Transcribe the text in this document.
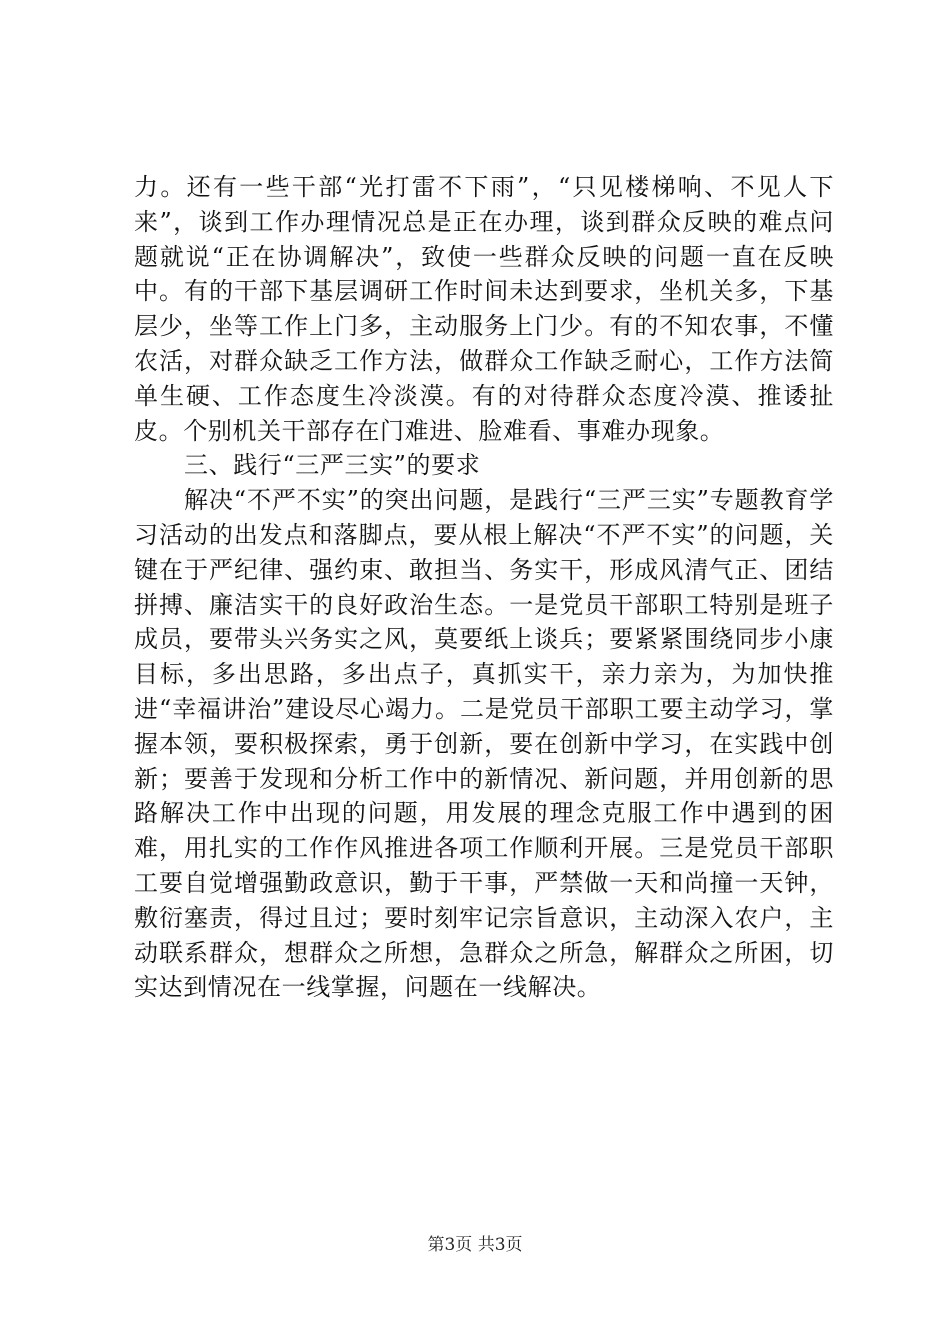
力。还有一些干部“光打雷不下雨”，“只见楼梯响、不见人下来”，谈到工作办理情况总是正在办理，谈到群众反映的难点问题就说“正在协调解决”，致使一些群众反映的问题一直在反映中。有的干部下基层调研工作时间未达到要求，坐机关多，下基层少，坐等工作上门多，主动服务上门少。有的不知农事，不懂农活，对群众缺乏工作方法，做群众工作缺乏耐心，工作方法简单生硬、工作态度生冷淡漠。有的对待群众态度冷漠、推诿扯皮。个别机关干部存在门难进、脸难看、事难办现象。

三、践行“三严三实”的要求

解决“不严不实”的突出问题，是践行“三严三实”专题教育学习活动的出发点和落脚点，要从根上解决“不严不实”的问题，关键在于严纪律、强约束、敢担当、务实干，形成风清气正、团结拼搏、廉洁实干的良好政治生态。一是党员干部职工特别是班子成员，要带头兴务实之风，莫要纸上谈兵；要紧紧围绕同步小康目标，多出思路，多出点子，真抓实干，亲力亲为，为加快推进“幸福讲治”建设尽心竭力。二是党员干部职工要主动学习，掌握本领，要积极探索，勇于创新，要在创新中学习，在实践中创新；要善于发现和分析工作中的新情况、新问题，并用创新的思路解决工作中出现的问题，用发展的理念克服工作中遇到的困难，用扎实的工作作风推进各项工作顺利开展。三是党员干部职工要自觉增强勤政意识，勤于干事，严禁做一天和尚撞一天钟，敷衍塞责，得过且过；要时刻牢记宗旨意识，主动深入农户，主动联系群众，想群众之所想，急群众之所急，解群众之所困，切实达到情况在一线掌握，问题在一线解决。

第3页 共3页
